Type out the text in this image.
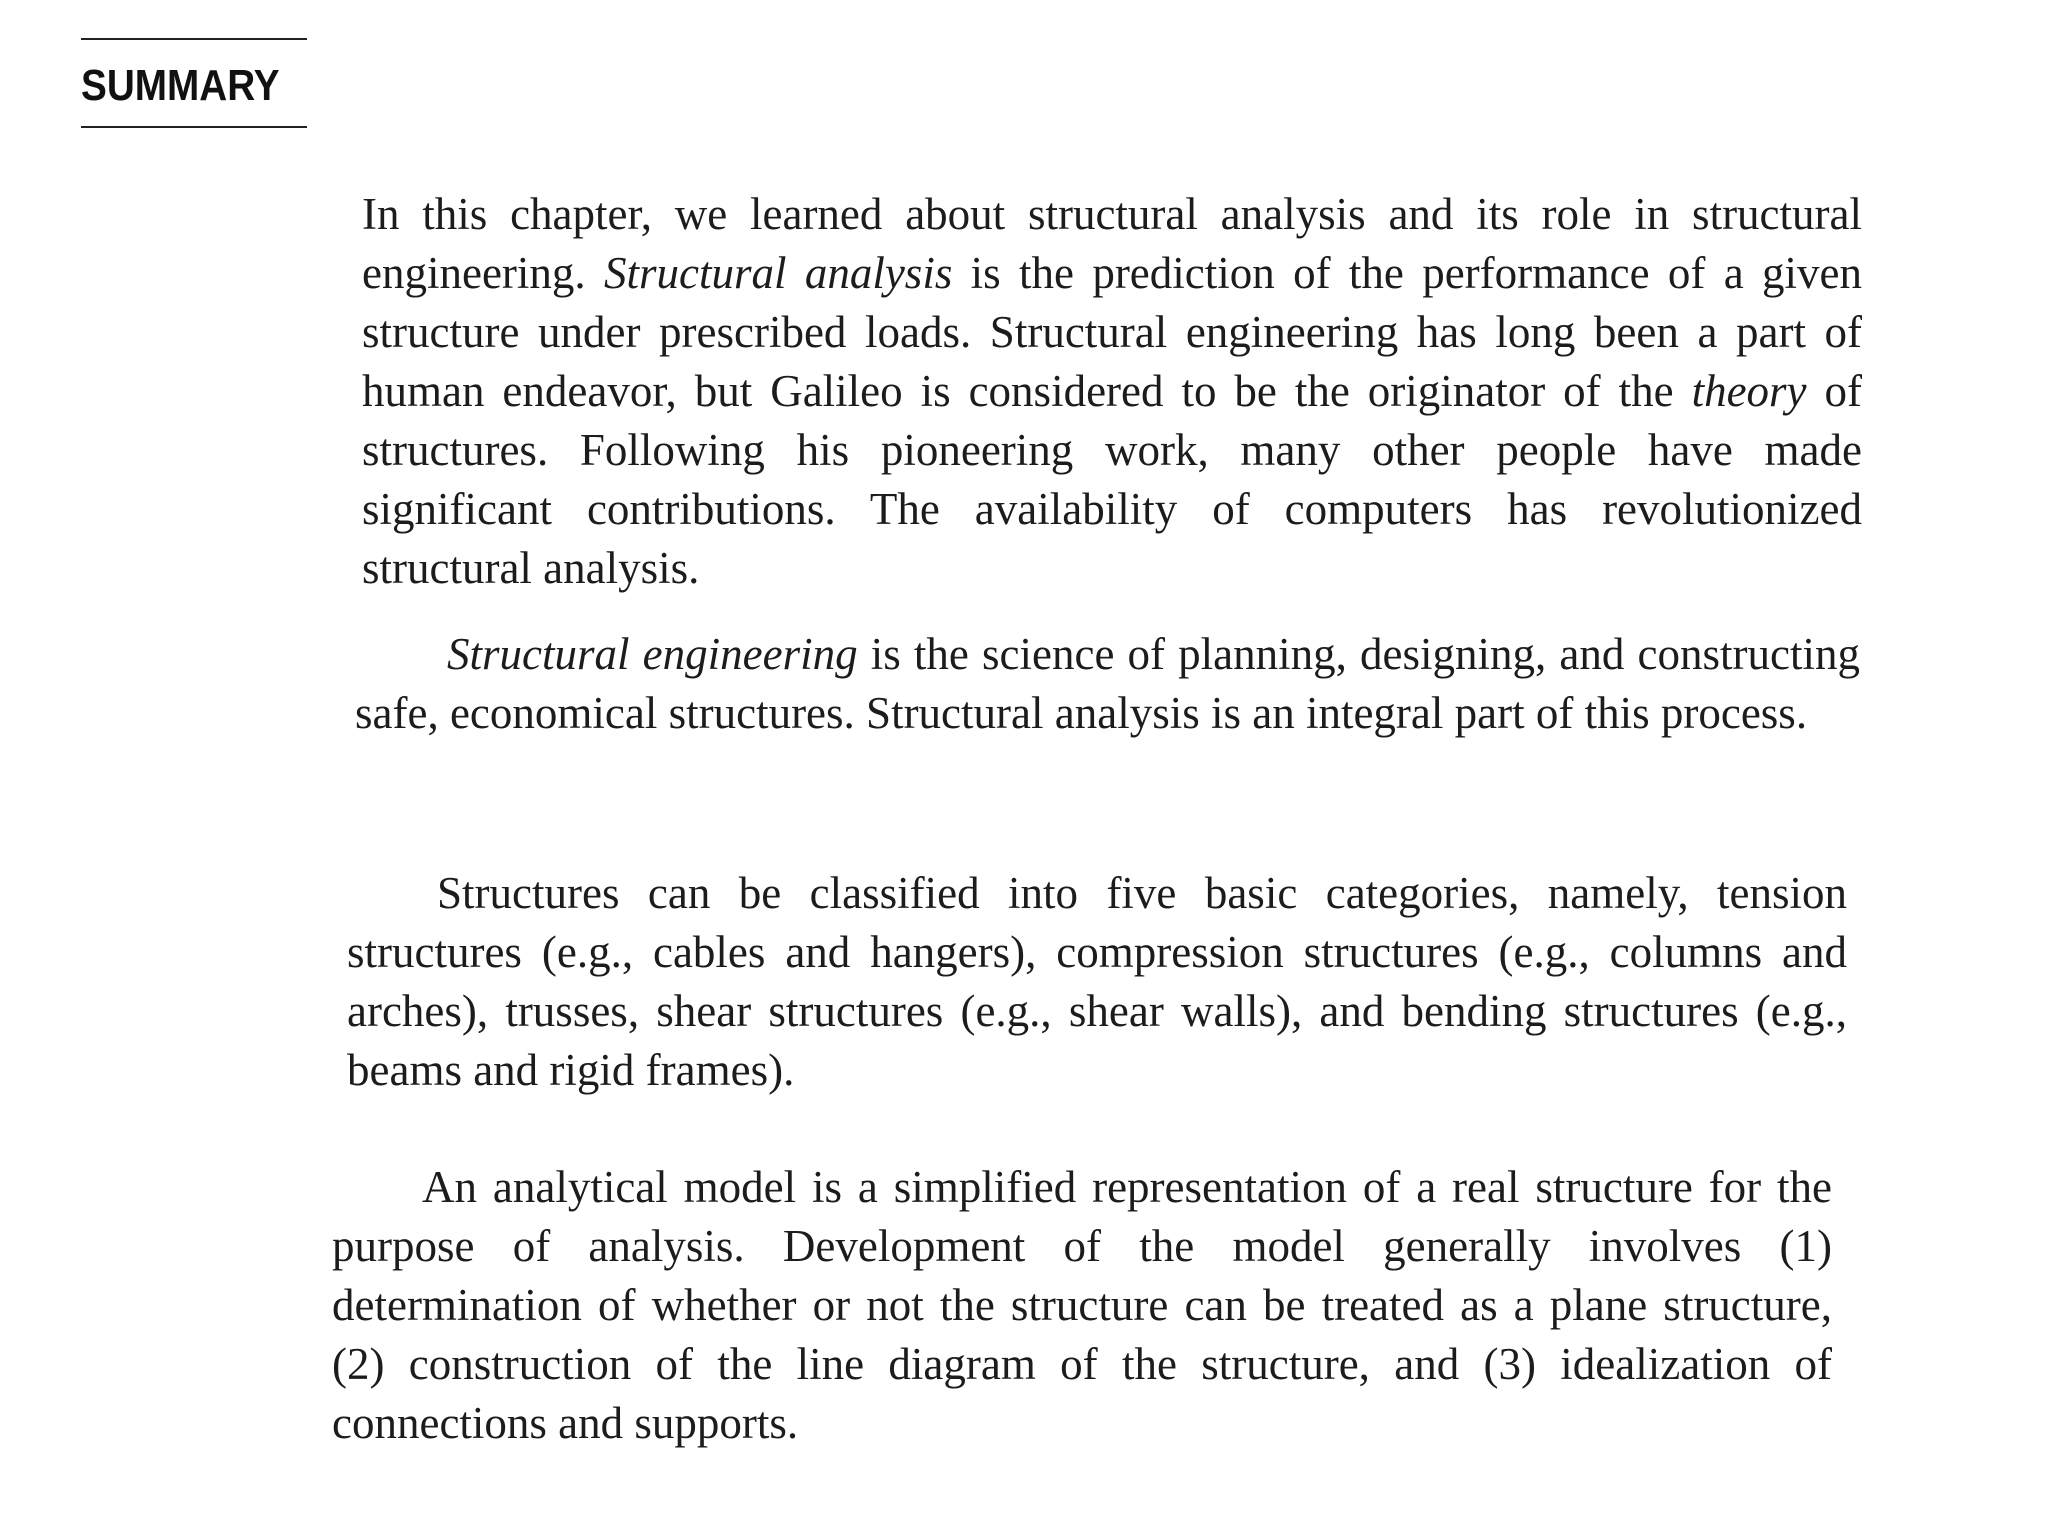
SUMMARY

In this chapter, we learned about structural analysis and its role in structural engineering. Structural analysis is the prediction of the performance of a given structure under prescribed loads. Structural engineering has long been a part of human endeavor, but Galileo is considered to be the originator of the theory of structures. Following his pioneering work, many other people have made significant contributions. The availability of computers has revolutionized structural analysis.

Structural engineering is the science of planning, designing, and constructing safe, economical structures. Structural analysis is an integral part of this process.

Structures can be classified into five basic categories, namely, tension structures (e.g., cables and hangers), compression structures (e.g., columns and arches), trusses, shear structures (e.g., shear walls), and bending structures (e.g., beams and rigid frames).

An analytical model is a simplified representation of a real structure for the purpose of analysis. Development of the model generally involves (1) determination of whether or not the structure can be treated as a plane structure, (2) construction of the line diagram of the structure, and (3) idealization of connections and supports.
